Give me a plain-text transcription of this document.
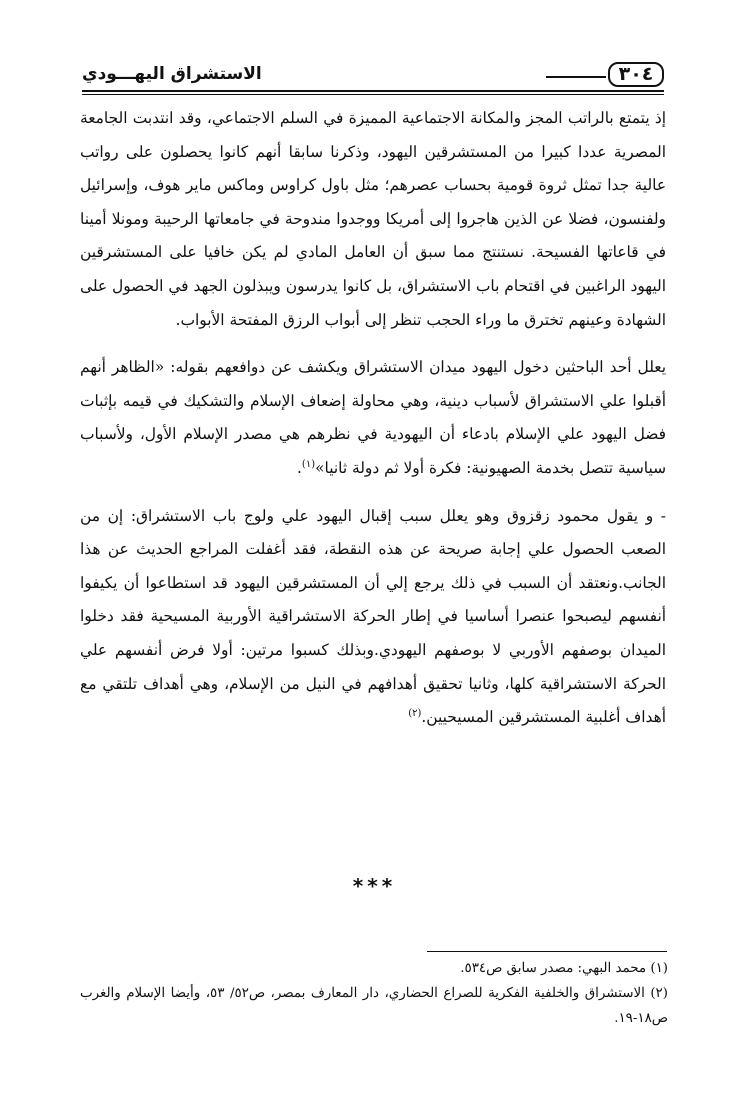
٣٠٤
الاستشراق اليهـــودي

إذ يتمتع بالراتب المجز والمكانة الاجتماعية المميزة في السلم الاجتماعي، وقد انتدبت الجامعة المصرية عددا كبيرا من المستشرقين اليهود، وذكرنا سابقا أنهم كانوا يحصلون على رواتب عالية جدا تمثل ثروة قومية بحساب عصرهم؛ مثل باول كراوس وماكس ماير هوف، وإسرائيل ولفنسون، فضلا عن الذين هاجروا إلى أمريكا ووجدوا مندوحة في جامعاتها الرحيبة ومونلا أمينا في قاعاتها الفسيحة. نستنتج مما سبق أن العامل المادي لم يكن خافيا على المستشرقين اليهود الراغبين في اقتحام باب الاستشراق، بل كانوا يدرسون ويبذلون الجهد في الحصول على الشهادة وعينهم تخترق ما وراء الحجب تنظر إلى أبواب الرزق المفتحة الأبواب.

يعلل أحد الباحثين دخول اليهود ميدان الاستشراق ويكشف عن دوافعهم بقوله: «الظاهر أنهم أقبلوا علي الاستشراق لأسباب دينية، وهي محاولة إضعاف الإسلام والتشكيك في قيمه بإثبات فضل اليهود علي الإسلام بادعاء أن اليهودية في نظرهم هي مصدر الإسلام الأول، ولأسباب سياسية تتصل بخدمة الصهيونية: فكرة أولا ثم دولة ثانيا»$^{(١)}$.

- و يقول محمود زقزوق وهو يعلل سبب إقبال اليهود علي ولوج باب الاستشراق: إن من الصعب الحصول علي إجابة صريحة عن هذه النقطة، فقد أغفلت المراجع الحديث عن هذا الجانب.ونعتقد أن السبب في ذلك يرجع إلي أن المستشرقين اليهود قد استطاعوا أن يكيفوا أنفسهم ليصبحوا عنصرا أساسيا في إطار الحركة الاستشراقية الأوربية المسيحية فقد دخلوا الميدان بوصفهم الأوربي لا بوصفهم اليهودي.وبذلك كسبوا مرتين: أولا فرض أنفسهم علي الحركة الاستشراقية كلها، وثانيا تحقيق أهدافهم في النيل من الإسلام، وهي أهداف تلتقي مع أهداف أغلبية المستشرقين المسيحيين.$^{(٢)}$

***

(١) محمد البهي: مصدر سابق ص٥٣٤.

(٢) الاستشراق والخلفية الفكرية للصراع الحضاري، دار المعارف بمصر، ص٥٢/ ٥٣، وأيضا الإسلام والغرب ص١٨-١٩.
